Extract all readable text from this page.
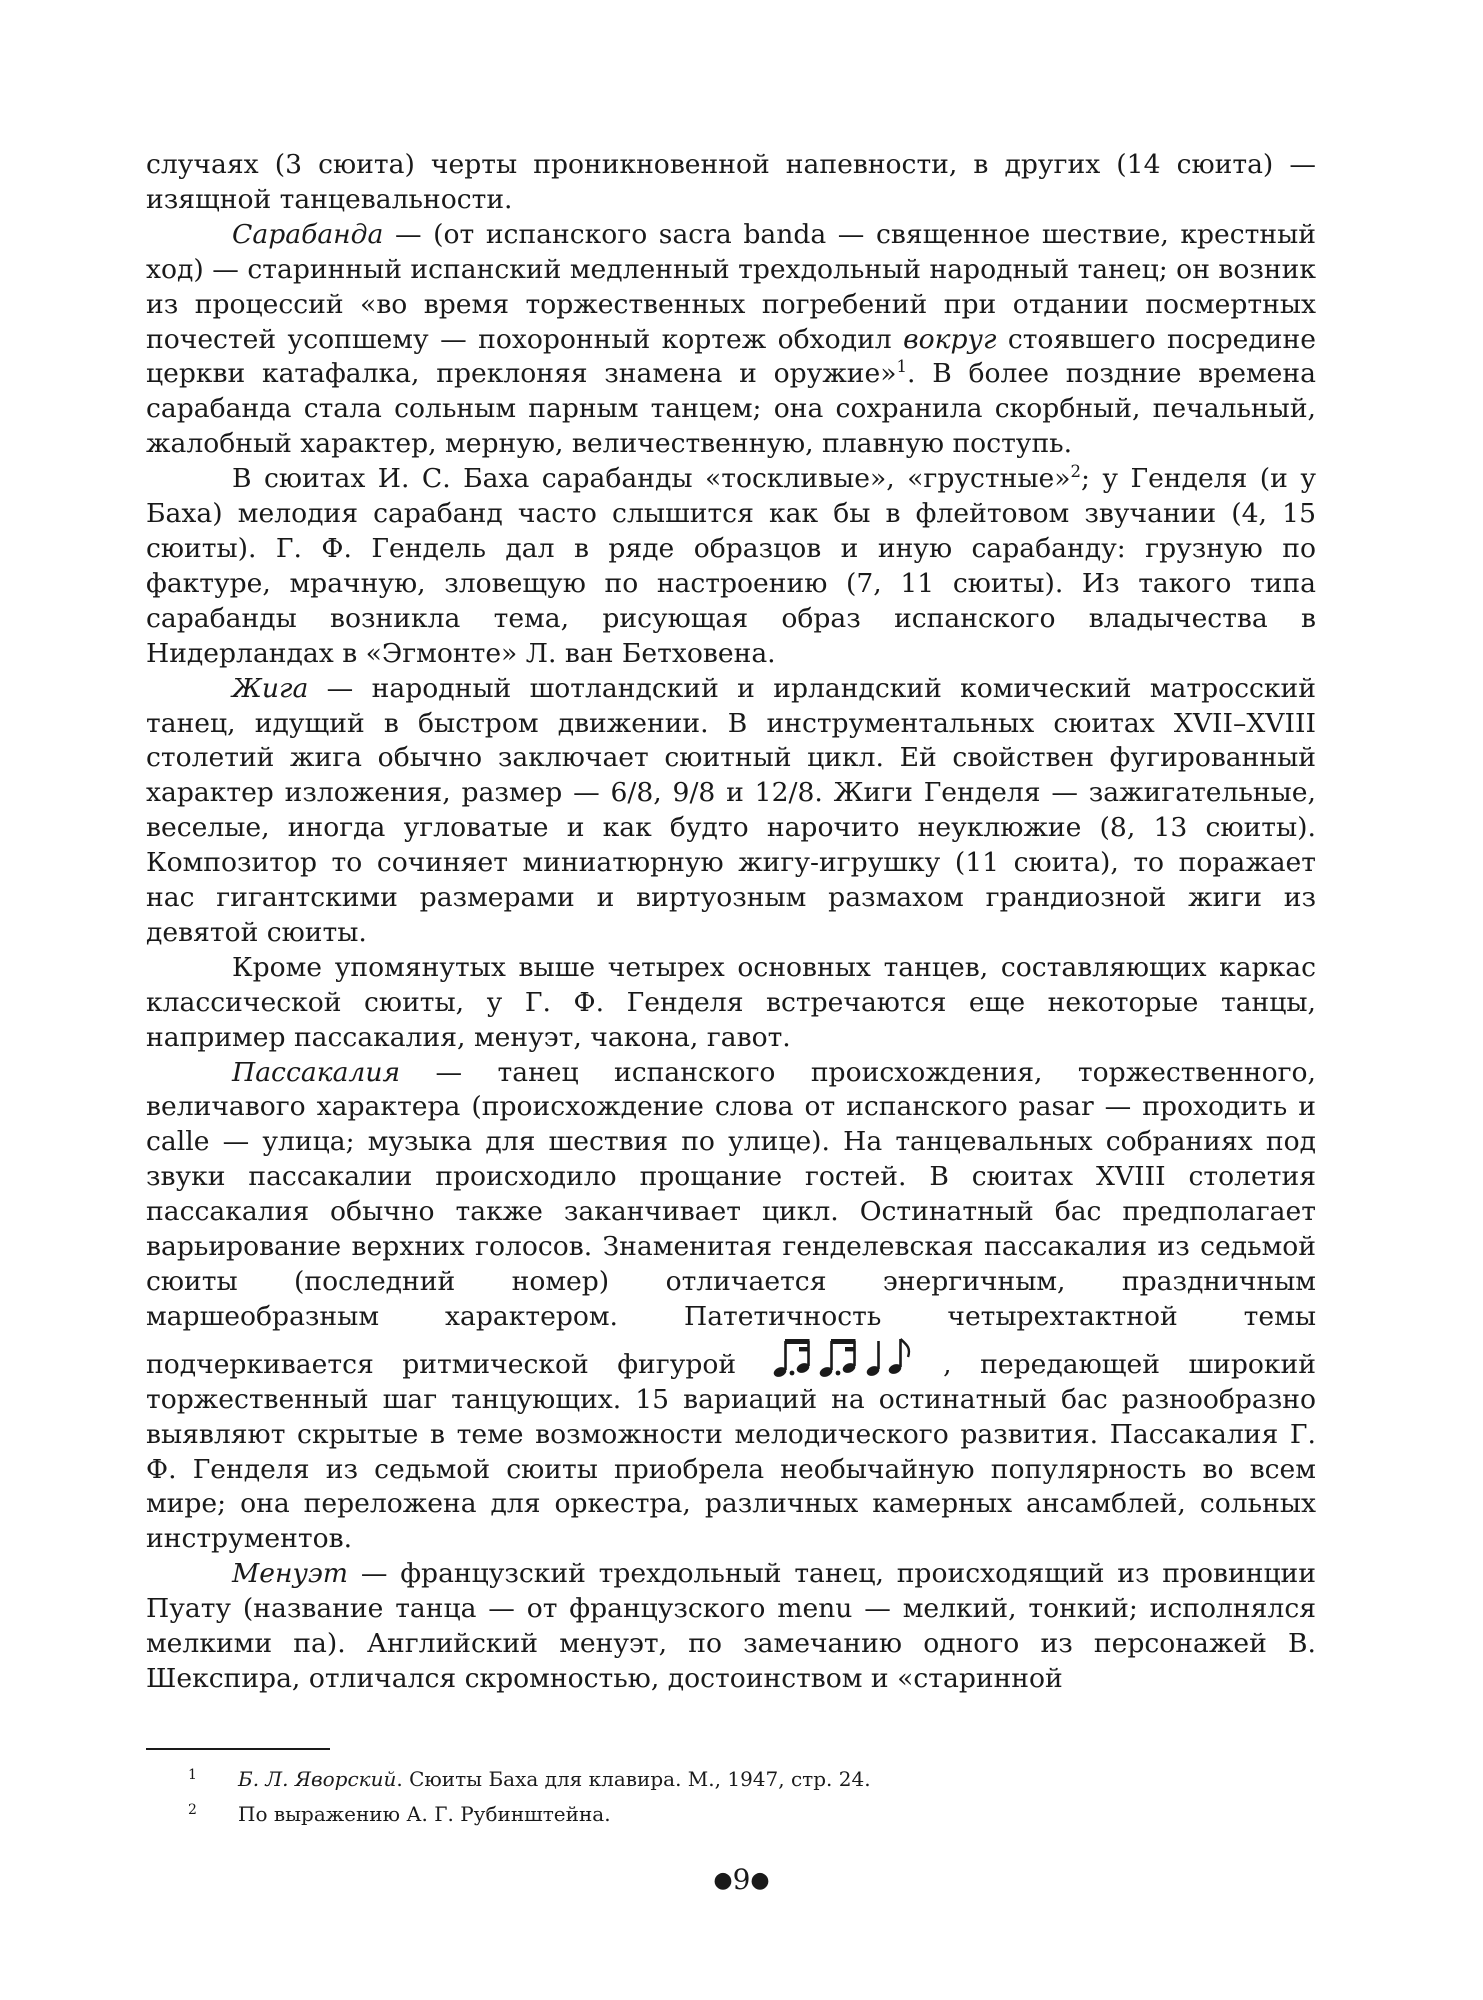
случаях (3 сюита) черты проникновенной напевности, в других (14 сюита) — изящной танцевальности.

Сарабанда — (от испанского sacra banda — священное шествие, крестный ход) — старинный испанский медленный трехдольный народный танец; он возник из процессий «во время торжественных погребений при отдании посмертных почестей усопшему — похоронный кортеж обходил вокруг стоявшего посредине церкви катафалка, преклоняя знамена и оружие»$^1$. В более поздние времена сарабанда стала сольным парным танцем; она сохранила скорбный, печальный, жалобный характер, мерную, величественную, плавную поступь.

В сюитах И. С. Баха сарабанды «тоскливые», «грустные»$^2$; у Генделя (и у Баха) мелодия сарабанд часто слышится как бы в флейтовом звучании (4, 15 сюиты). Г. Ф. Гендель дал в ряде образцов и иную сарабанду: грузную по фактуре, мрачную, зловещую по настроению (7, 11 сюиты). Из такого типа сарабанды возникла тема, рисующая образ испанского владычества в Нидерландах в «Эгмонте» Л. ван Бетховена.

Жига — народный шотландский и ирландский комический матросский танец, идущий в быстром движении. В инструментальных сюитах XVII–XVIII столетий жига обычно заключает сюитный цикл. Ей свойствен фугированный характер изложения, размер — 6/8, 9/8 и 12/8. Жиги Генделя — зажигательные, веселые, иногда угловатые и как будто нарочито неуклюжие (8, 13 сюиты). Композитор то сочиняет миниатюрную жигу-игрушку (11 сюита), то поражает нас гигантскими размерами и виртуозным размахом грандиозной жиги из девятой сюиты.

Кроме упомянутых выше четырех основных танцев, составляющих каркас классической сюиты, у Г. Ф. Генделя встречаются еще некоторые танцы, например пассакалия, менуэт, чакона, гавот.

Пассакалия — танец испанского происхождения, торжественного, величавого характера (происхождение слова от испанского pasar — проходить и calle — улица; музыка для шествия по улице). На танцевальных собраниях под звуки пассакалии происходило прощание гостей. В сюитах XVIII столетия пассакалия обычно также заканчивает цикл. Остинатный бас предполагает варьирование верхних голосов. Знаменитая генделевская пассакалия из седьмой сюиты (последний номер) отличается энергичным, праздничным маршеобразным характером. Патетичность четырехтактной темы подчеркивается ритмической фигурой	, передающей широкий торжественный шаг танцующих. 15 вариаций на остинатный бас разнообразно выявляют скрытые в теме возможности мелодического развития. Пассакалия Г. Ф. Генделя из седьмой сюиты приобрела необычайную популярность во всем мире; она переложена для оркестра, различных камерных ансамблей, сольных инструментов.

Менуэт — французский трехдольный танец, происходящий из провинции Пуату (название танца — от французского menu — мелкий, тонкий; исполнялся мелкими па). Английский менуэт, по замечанию одного из персонажей В. Шекспира, отличался скромностью, достоинством и «старинной

1	Б. Л. Яворский. Сюиты Баха для клавира. М., 1947, стр. 24.
2	По выражению А. Г. Рубинштейна.
●9●
